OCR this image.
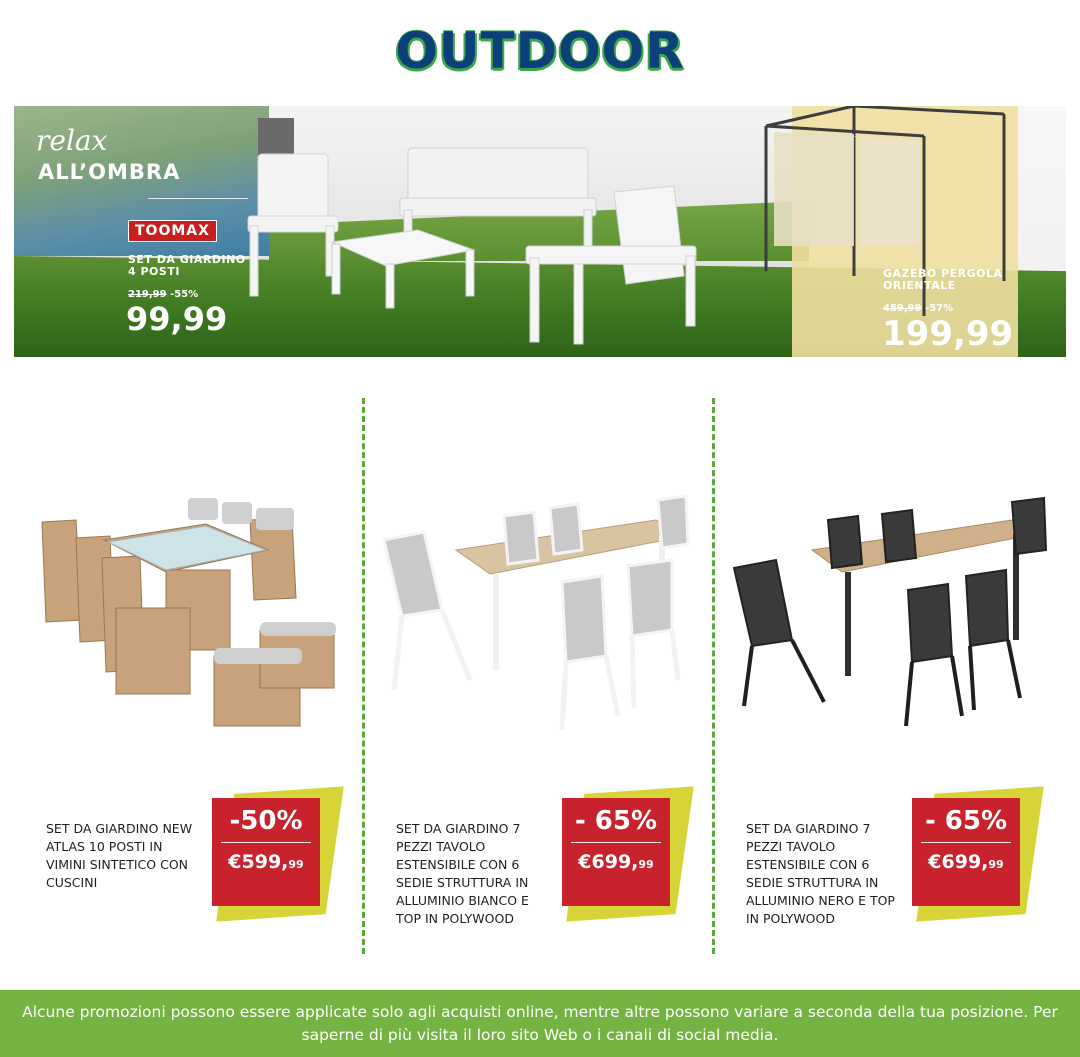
OUTDOOR
relax
ALL’OMBRA
TOOMAX
SET DA GIARDINO 4 POSTI
219,99 -55%
99,99
GAZEBO PERGOLA ORIENTALE
459,99 -57%
199,99
SET DA GIARDINO NEW ATLAS 10 POSTI IN VIMINI SINTETICO CON CUSCINI
-50%
€599,99
SET DA GIARDINO 7 PEZZI TAVOLO ESTENSIBILE CON 6 SEDIE STRUTTURA IN ALLUMINIO BIANCO E TOP IN POLYWOOD
- 65%
€699,99
SET DA GIARDINO 7 PEZZI TAVOLO ESTENSIBILE CON 6 SEDIE STRUTTURA IN ALLUMINIO NERO E TOP IN POLYWOOD
- 65%
€699,99
Alcune promozioni possono essere applicate solo agli acquisti online, mentre altre possono variare a seconda della tua posizione. Per saperne di più visita il loro sito Web o i canali di social media.
